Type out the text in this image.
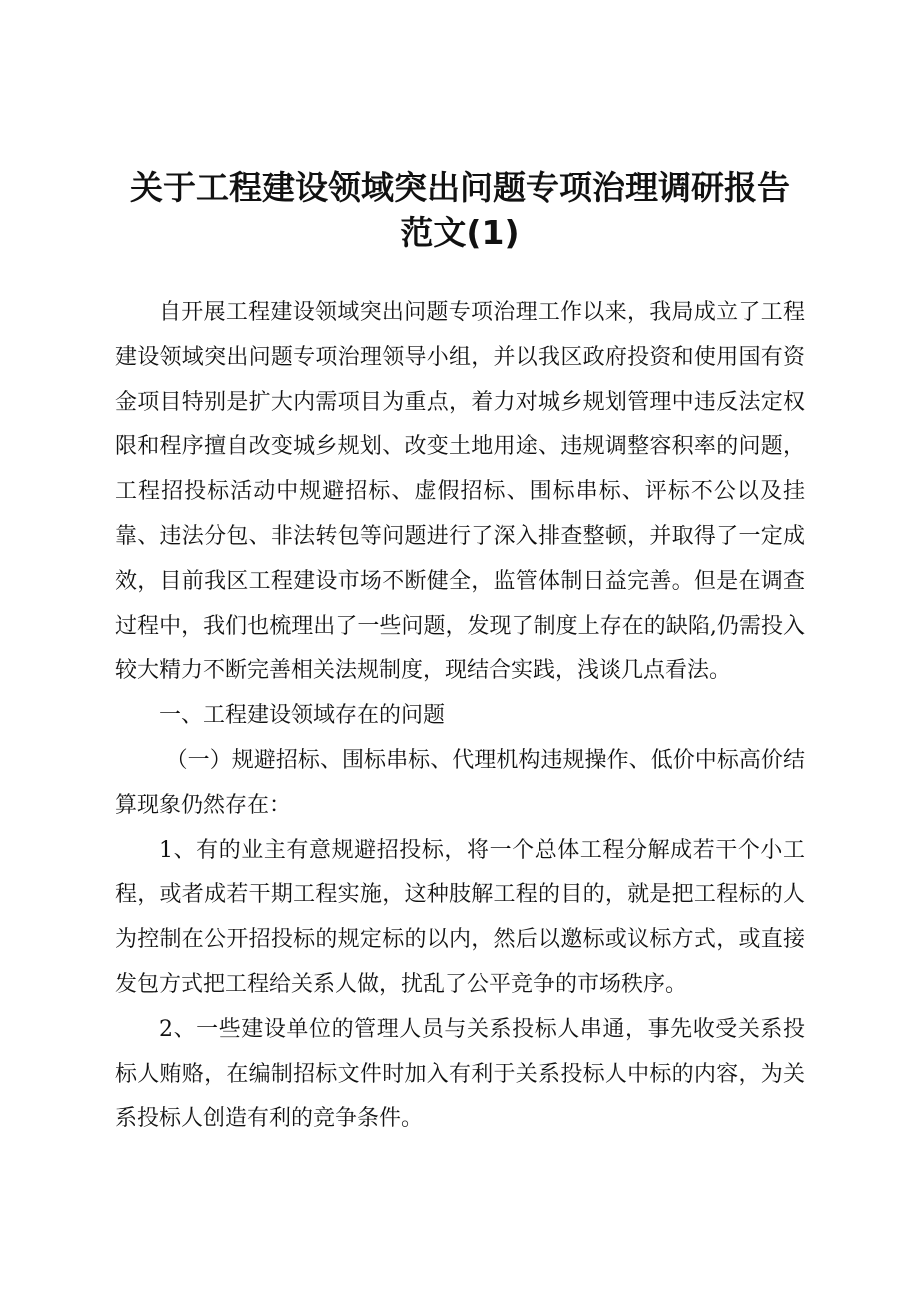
关于工程建设领域突出问题专项治理调研报告
范文(1)

自开展工程建设领域突出问题专项治理工作以来，我局成立了工程建设领域突出问题专项治理领导小组，并以我区政府投资和使用国有资金项目特别是扩大内需项目为重点，着力对城乡规划管理中违反法定权限和程序擅自改变城乡规划、改变土地用途、违规调整容积率的问题，工程招投标活动中规避招标、虚假招标、围标串标、评标不公以及挂靠、违法分包、非法转包等问题进行了深入排查整顿，并取得了一定成效，目前我区工程建设市场不断健全，监管体制日益完善。但是在调查过程中，我们也梳理出了一些问题，发现了制度上存在的缺陷,仍需投入较大精力不断完善相关法规制度，现结合实践，浅谈几点看法。

一、工程建设领域存在的问题

（一）规避招标、围标串标、代理机构违规操作、低价中标高价结算现象仍然存在：

1、有的业主有意规避招投标，将一个总体工程分解成若干个小工程，或者成若干期工程实施，这种肢解工程的目的，就是把工程标的人为控制在公开招投标的规定标的以内，然后以邀标或议标方式，或直接发包方式把工程给关系人做，扰乱了公平竞争的市场秩序。

2、一些建设单位的管理人员与关系投标人串通，事先收受关系投标人贿赂，在编制招标文件时加入有利于关系投标人中标的内容，为关系投标人创造有利的竞争条件。
